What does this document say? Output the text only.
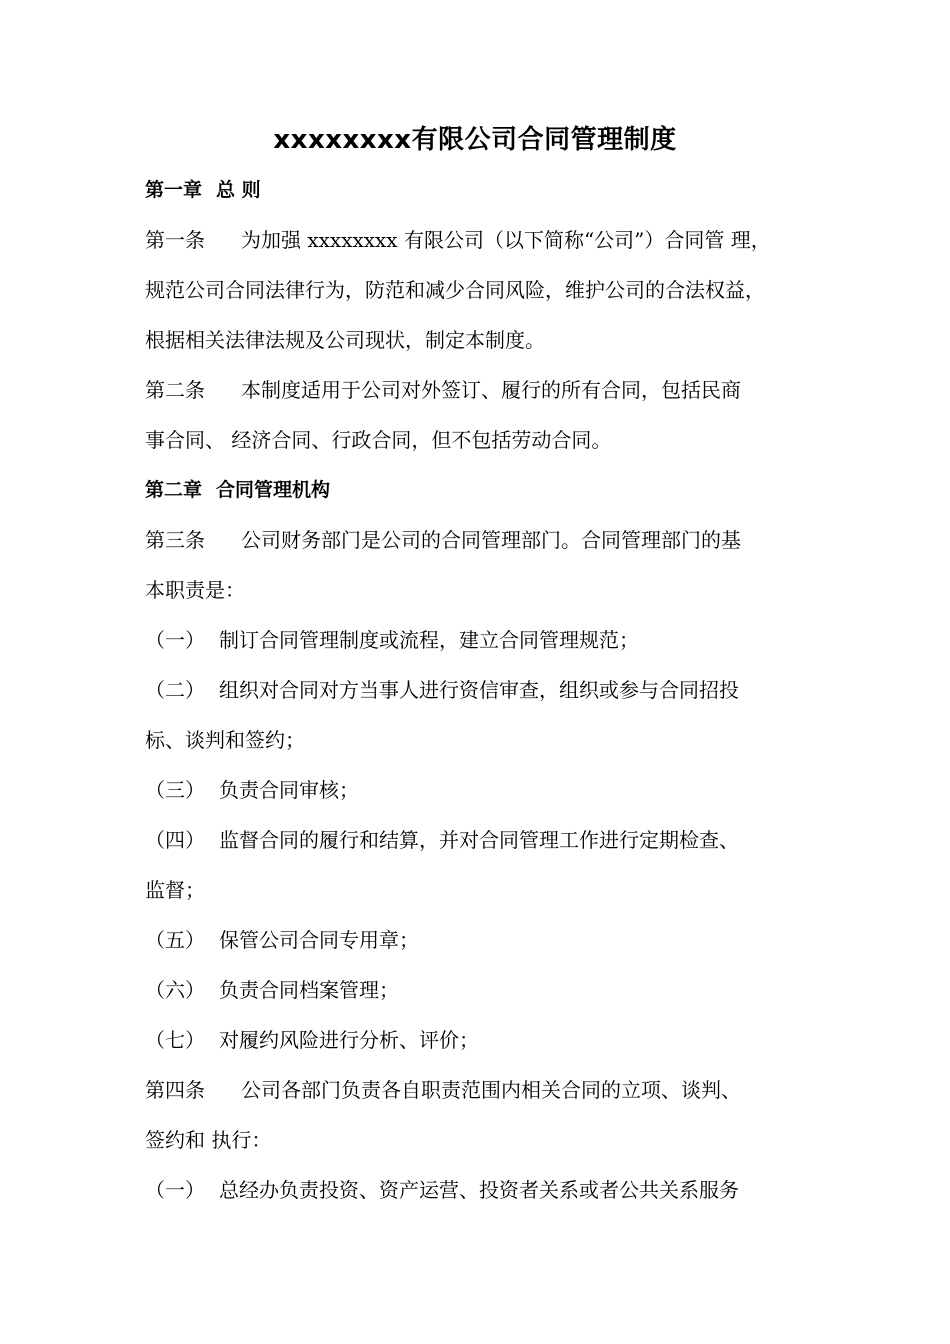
xxxxxxxx有限公司合同管理制度
第一章 总 则
第一条 为加强 xxxxxxxx 有限公司（以下简称“公司”）合同管 理，
规范公司合同法律行为，防范和减少合同风险，维护公司的合法权益，
根据相关法律法规及公司现状，制定本制度。
第二条 本制度适用于公司对外签订、履行的所有合同，包括民商
事合同、 经济合同、行政合同，但不包括劳动合同。
第二章 合同管理机构
第三条 公司财务部门是公司的合同管理部门。合同管理部门的基
本职责是：
（一） 制订合同管理制度或流程，建立合同管理规范；
（二） 组织对合同对方当事人进行资信审查，组织或参与合同招投
标、谈判和签约；
（三） 负责合同审核；
（四） 监督合同的履行和结算，并对合同管理工作进行定期检查、
监督；
（五） 保管公司合同专用章；
（六） 负责合同档案管理；
（七） 对履约风险进行分析、评价；
第四条 公司各部门负责各自职责范围内相关合同的立项、谈判、
签约和 执行：
（一） 总经办负责投资、资产运营、投资者关系或者公共关系服务
